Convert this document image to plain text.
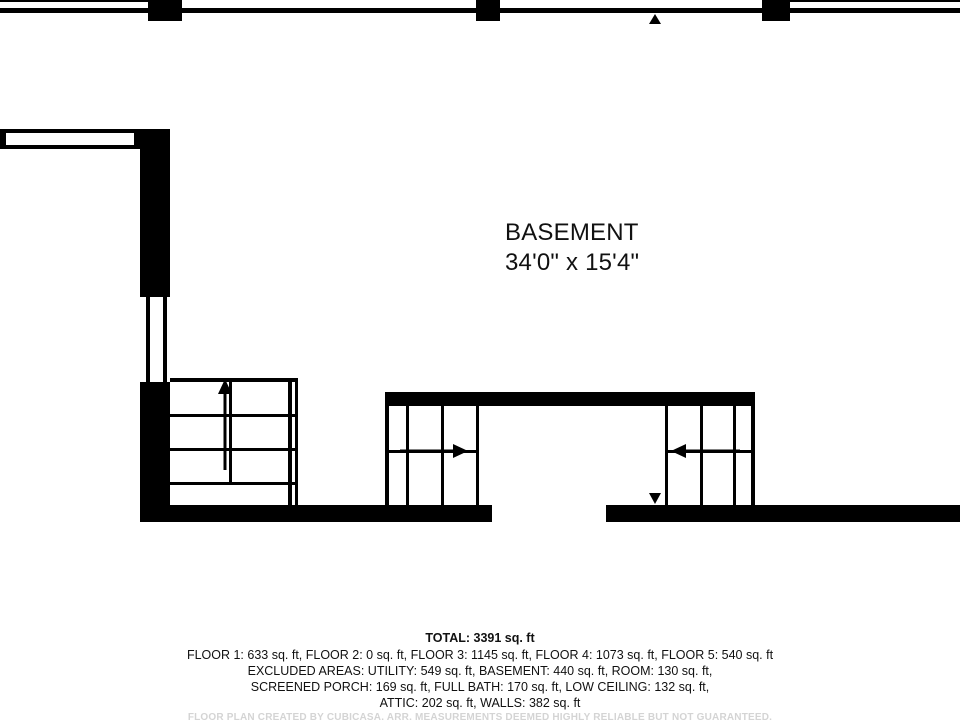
BASEMENT
34'0" x 15'4"
TOTAL: 3391 sq. ft
FLOOR 1: 633 sq. ft, FLOOR 2: 0 sq. ft, FLOOR 3: 1145 sq. ft, FLOOR 4: 1073 sq. ft, FLOOR 5: 540 sq. ft
EXCLUDED AREAS: UTILITY: 549 sq. ft, BASEMENT: 440 sq. ft, ROOM: 130 sq. ft,
SCREENED PORCH: 169 sq. ft, FULL BATH: 170 sq. ft, LOW CEILING: 132 sq. ft,
ATTIC: 202 sq. ft, WALLS: 382 sq. ft
FLOOR PLAN CREATED BY CUBICASA. ARR. MEASUREMENTS DEEMED HIGHLY RELIABLE BUT NOT GUARANTEED.
